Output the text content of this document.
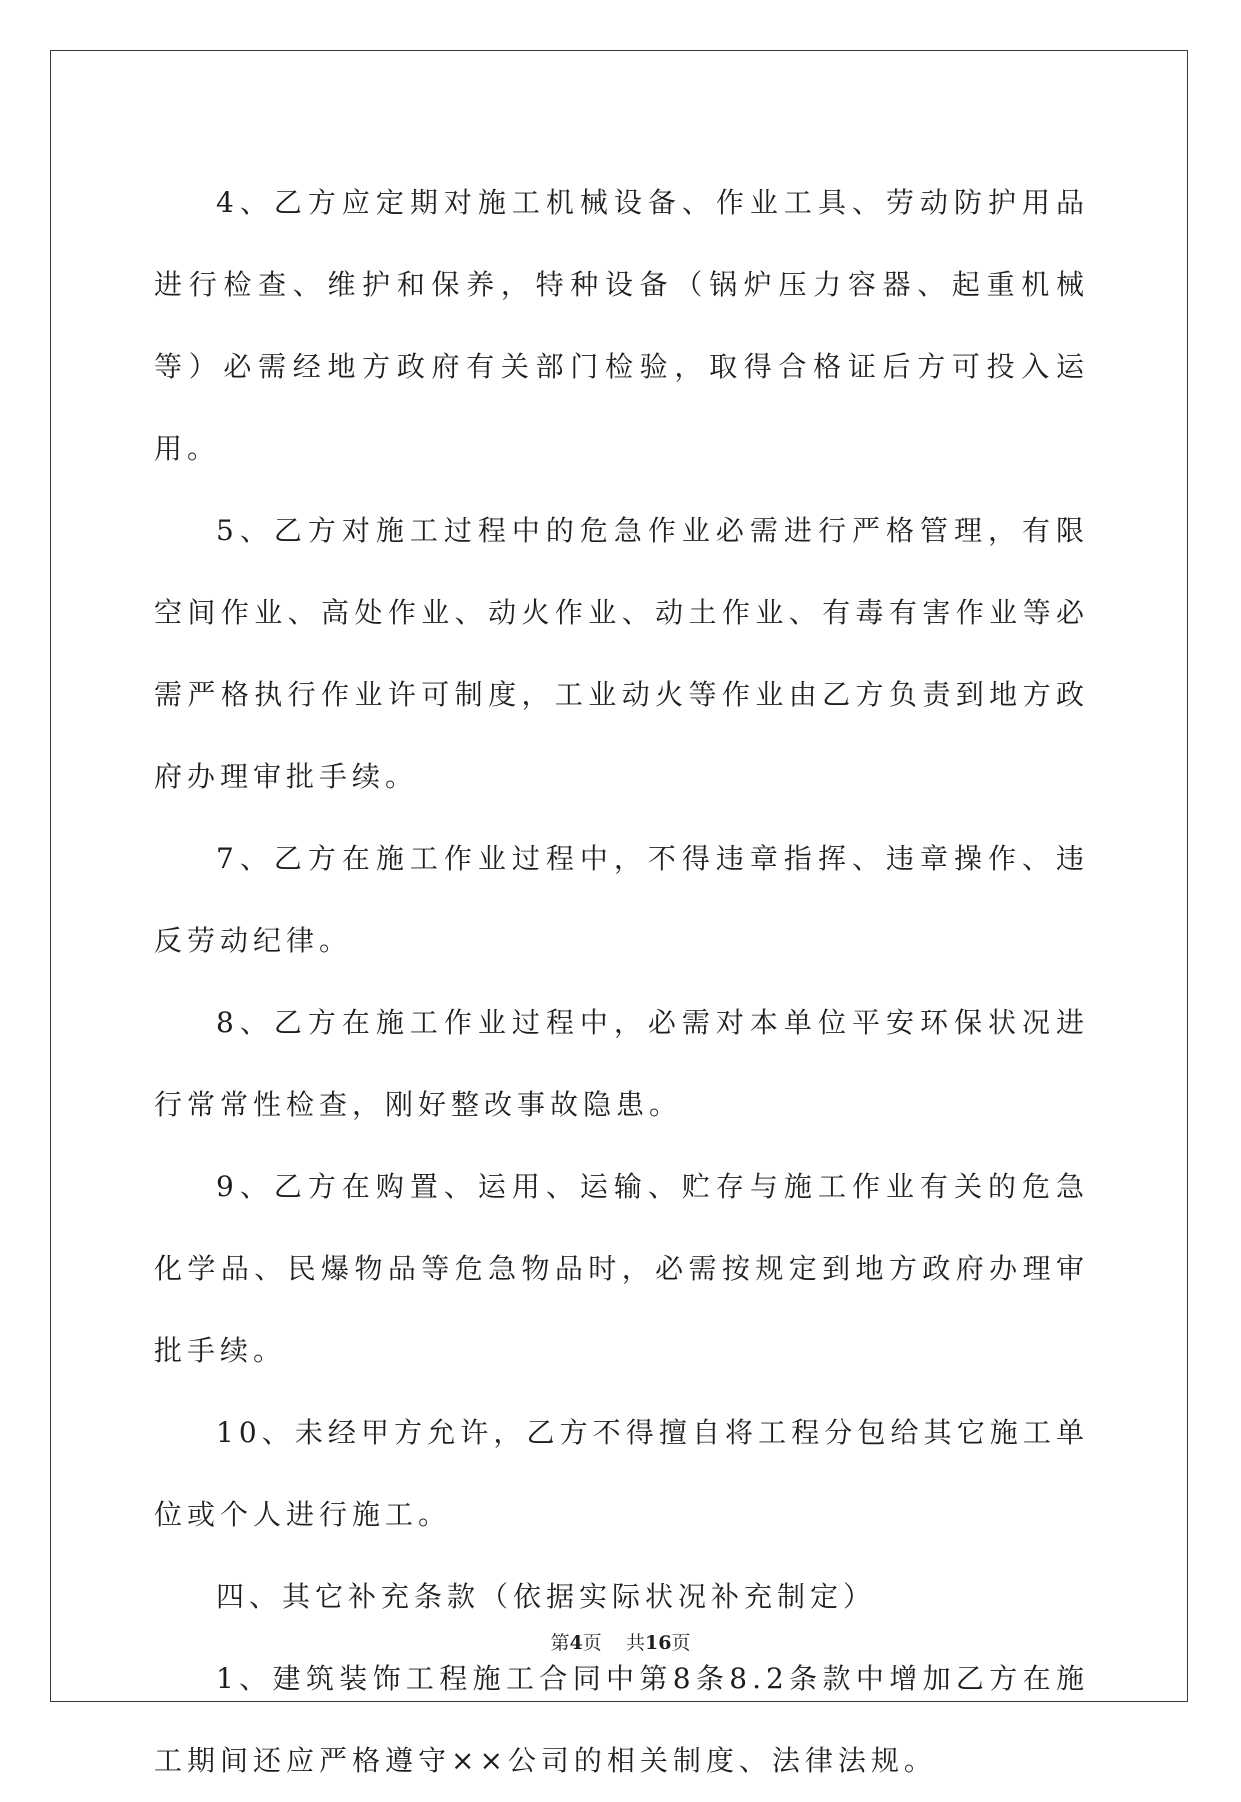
4、乙方应定期对施工机械设备、作业工具、劳动防护用品进行检查、维护和保养，特种设备（锅炉压力容器、起重机械等）必需经地方政府有关部门检验，取得合格证后方可投入运用。

5、乙方对施工过程中的危急作业必需进行严格管理，有限空间作业、高处作业、动火作业、动土作业、有毒有害作业等必需严格执行作业许可制度，工业动火等作业由乙方负责到地方政府办理审批手续。

7、乙方在施工作业过程中，不得违章指挥、违章操作、违反劳动纪律。

8、乙方在施工作业过程中，必需对本单位平安环保状况进行常常性检查，刚好整改事故隐患。

9、乙方在购置、运用、运输、贮存与施工作业有关的危急化学品、民爆物品等危急物品时，必需按规定到地方政府办理审批手续。

10、未经甲方允许，乙方不得擅自将工程分包给其它施工单位或个人进行施工。

四、其它补充条款（依据实际状况补充制定）

1、建筑装饰工程施工合同中第8条8.2条款中增加乙方在施工期间还应严格遵守××公司的相关制度、法律法规。

第4页 共16页
